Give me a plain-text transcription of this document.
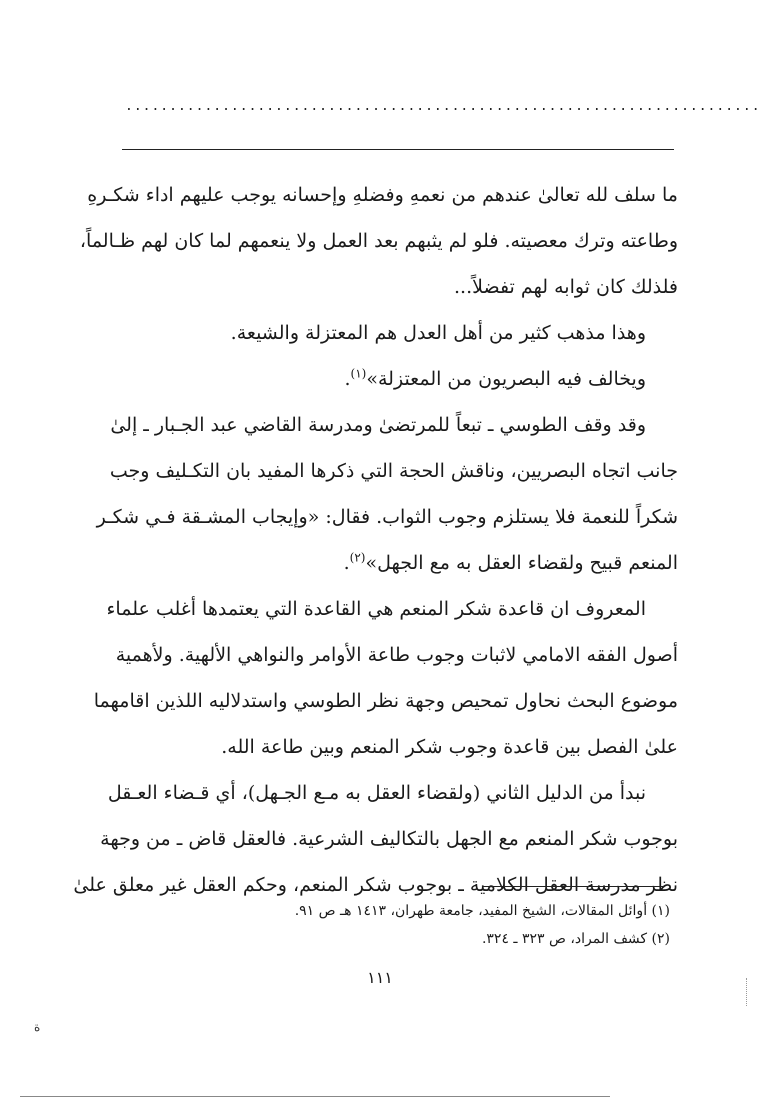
........................................................................
ما سلف لله تعالىٰ عندهم من نعمهِ وفضلهِ وإحسانه يوجب عليهم اداء شكـرهِ
وطاعته وترك معصيته. فلو لم يثبهم بعد العمل ولا ينعمهم لما كان لهم ظـالماً،
فلذلك كان ثوابه لهم تفضلاً...
وهذا مذهب كثير من أهل العدل هم المعتزلة والشيعة.
ويخالف فيه البصريون من المعتزلة»$^{(١)}$.
وقد وقف الطوسي ـ تبعاً للمرتضىٰ ومدرسة القاضي عبد الجـبار ـ إلىٰ
جانب اتجاه البصريين، وناقش الحجة التي ذكرها المفيد بان التكـليف وجب
شكراً للنعمة فلا يستلزم وجوب الثواب. فقال: «وإيجاب المشـقة فـي شكـر
المنعم قبيح ولقضاء العقل به مع الجهل»$^{(٢)}$.
المعروف ان قاعدة شكر المنعم هي القاعدة التي يعتمدها أغلب علماء
أصول الفقه الامامي لاثبات وجوب طاعة الأوامر والنواهي الألهية. ولأهمية
موضوع البحث نحاول تمحيص وجهة نظر الطوسي واستدلاليه اللذين اقامهما
علىٰ الفصل بين قاعدة وجوب شكر المنعم وبين طاعة الله.
نبدأ من الدليل الثاني (ولقضاء العقل به مـع الجـهل)، أي قـضاء العـقل
بوجوب شكر المنعم مع الجهل بالتكاليف الشرعية. فالعقل قاض ـ من وجهة
نظر مدرسة العقل الكلامية ـ بوجوب شكر المنعم، وحكم العقل غير معلق علىٰ
(١) أوائل المقالات، الشيخ المفيد، جامعة طهران، ١٤١٣ هـ ص ٩١.
(٢) كشف المراد، ص ٣٢٣ ـ ٣٢٤.
١١١
ة
